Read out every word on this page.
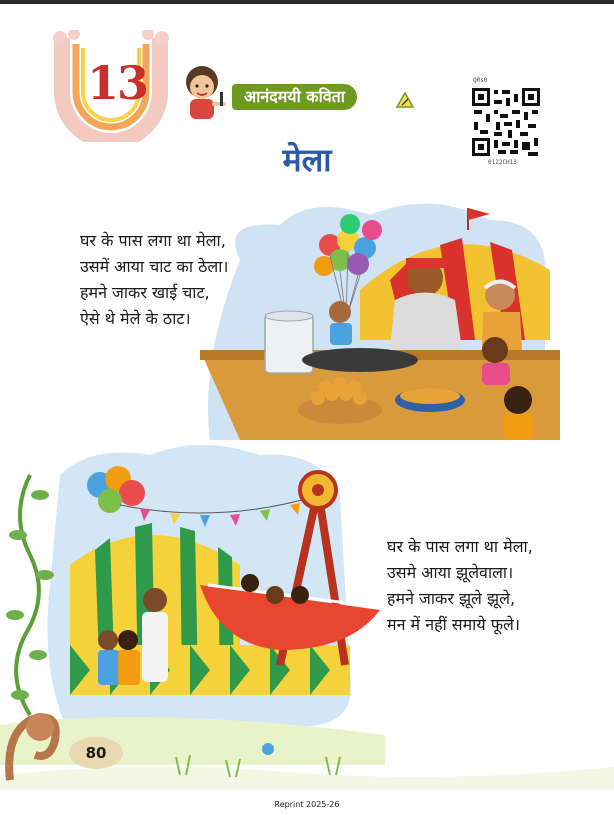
13	आनंदमयी कविता
QRs0
0122CH13
मेला
घर के पास लगा था मेला,
उसमें आया चाट का ठेला।
हमने जाकर खाई चाट,
ऐसे थे मेले के ठाट।
घर के पास लगा था मेला,
उसमे आया झूलेवाला।
हमने जाकर झूले झूले,
मन में नहीं समाये फूले।
80
Reprint 2025-26
